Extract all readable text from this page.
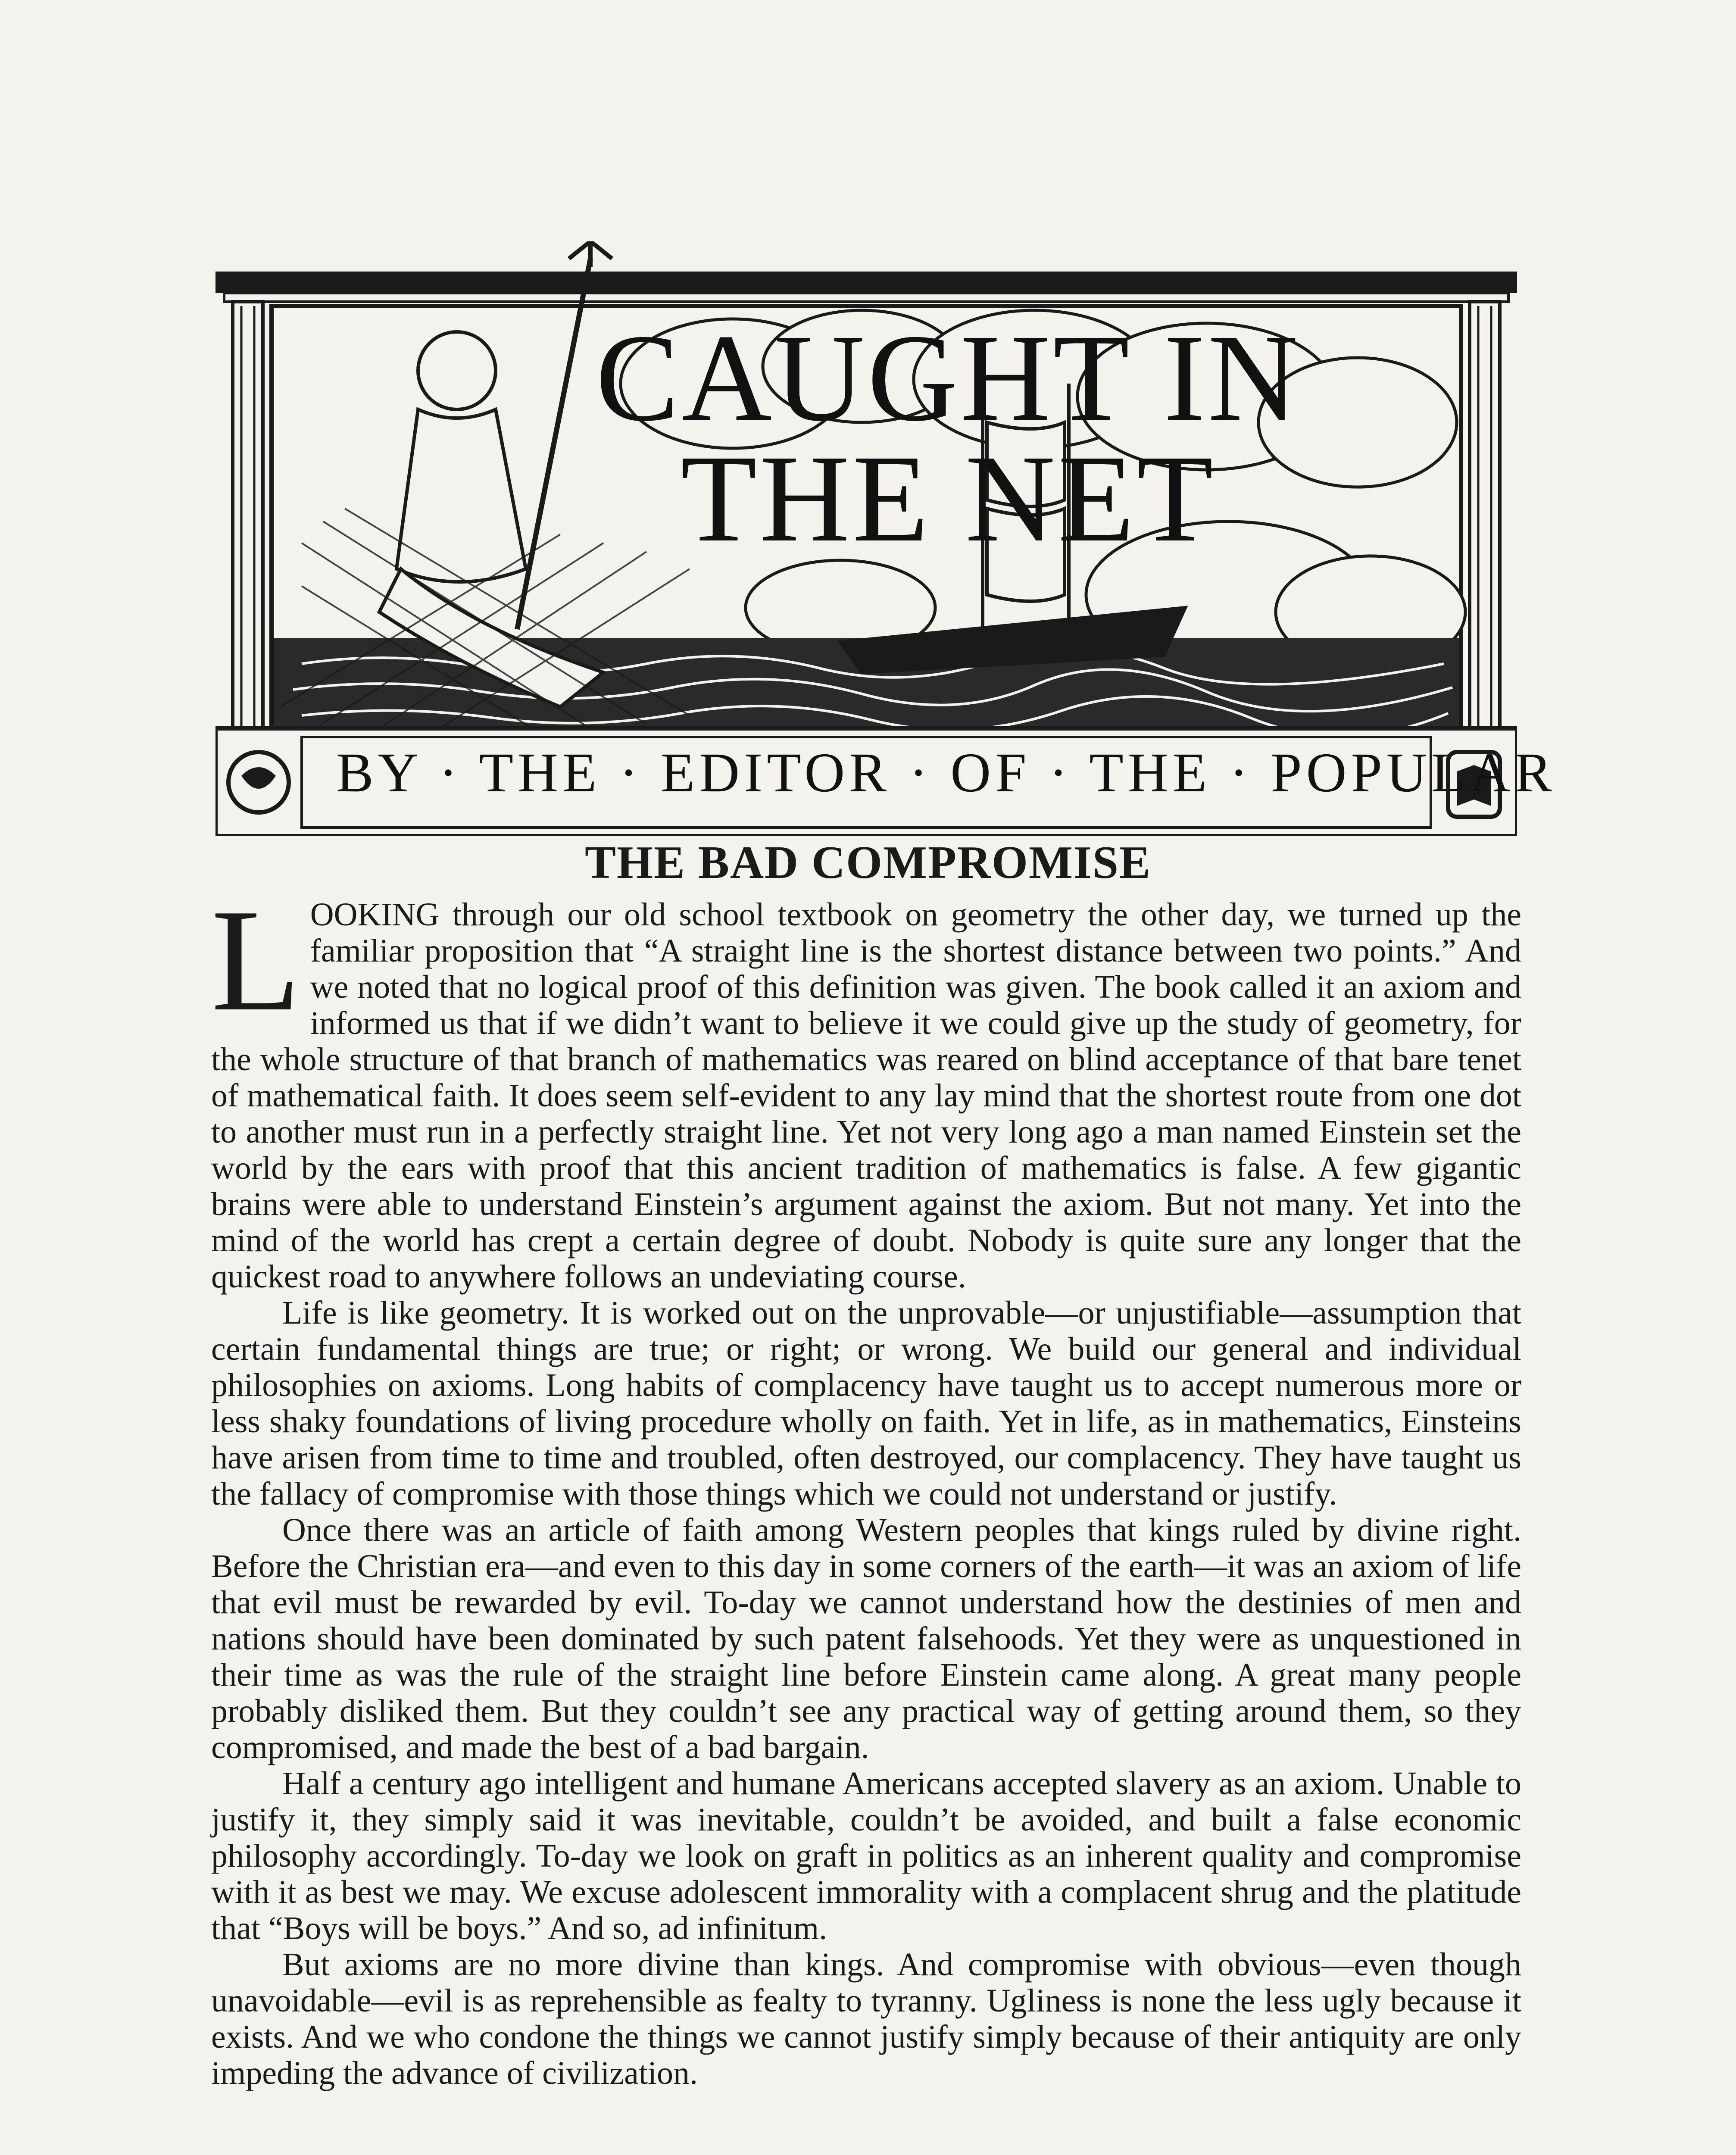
CAUGHT IN
THE NET
BY · THE · EDITOR · OF · THE · POPULAR
THE BAD COMPROMISE

LOOKING through our old school textbook on geometry the other day, we turned up the familiar proposition that “A straight line is the shortest distance between two points.” And we noted that no logical proof of this definition was given. The book called it an axiom and informed us that if we didn’t want to believe it we could give up the study of geometry, for the whole structure of that branch of mathematics was reared on blind acceptance of that bare tenet of mathematical faith. It does seem self-evident to any lay mind that the shortest route from one dot to another must run in a perfectly straight line. Yet not very long ago a man named Einstein set the world by the ears with proof that this ancient tradition of mathematics is false. A few gigantic brains were able to understand Einstein’s argument against the axiom. But not many. Yet into the mind of the world has crept a certain degree of doubt. Nobody is quite sure any longer that the quickest road to anywhere follows an undeviating course.

Life is like geometry. It is worked out on the unprovable—or unjustifiable—assumption that certain fundamental things are true; or right; or wrong. We build our general and individual philosophies on axioms. Long habits of complacency have taught us to accept numerous more or less shaky foundations of living procedure wholly on faith. Yet in life, as in mathematics, Einsteins have arisen from time to time and troubled, often destroyed, our complacency. They have taught us the fallacy of compromise with those things which we could not understand or justify.

Once there was an article of faith among Western peoples that kings ruled by divine right. Before the Christian era—and even to this day in some corners of the earth—it was an axiom of life that evil must be rewarded by evil. To-day we cannot understand how the destinies of men and nations should have been dominated by such patent falsehoods. Yet they were as unquestioned in their time as was the rule of the straight line before Einstein came along. A great many people probably disliked them. But they couldn’t see any practical way of getting around them, so they compromised, and made the best of a bad bargain.

Half a century ago intelligent and humane Americans accepted slavery as an axiom. Unable to justify it, they simply said it was inevitable, couldn’t be avoided, and built a false economic philosophy accordingly. To-day we look on graft in politics as an inherent quality and compromise with it as best we may. We excuse adolescent immorality with a complacent shrug and the platitude that “Boys will be boys.” And so, ad infinitum.

But axioms are no more divine than kings. And compromise with obvious—even though unavoidable—evil is as reprehensible as fealty to tyranny. Ugliness is none the less ugly because it exists. And we who condone the things we cannot justify simply because of their antiquity are only impeding the advance of civilization.
